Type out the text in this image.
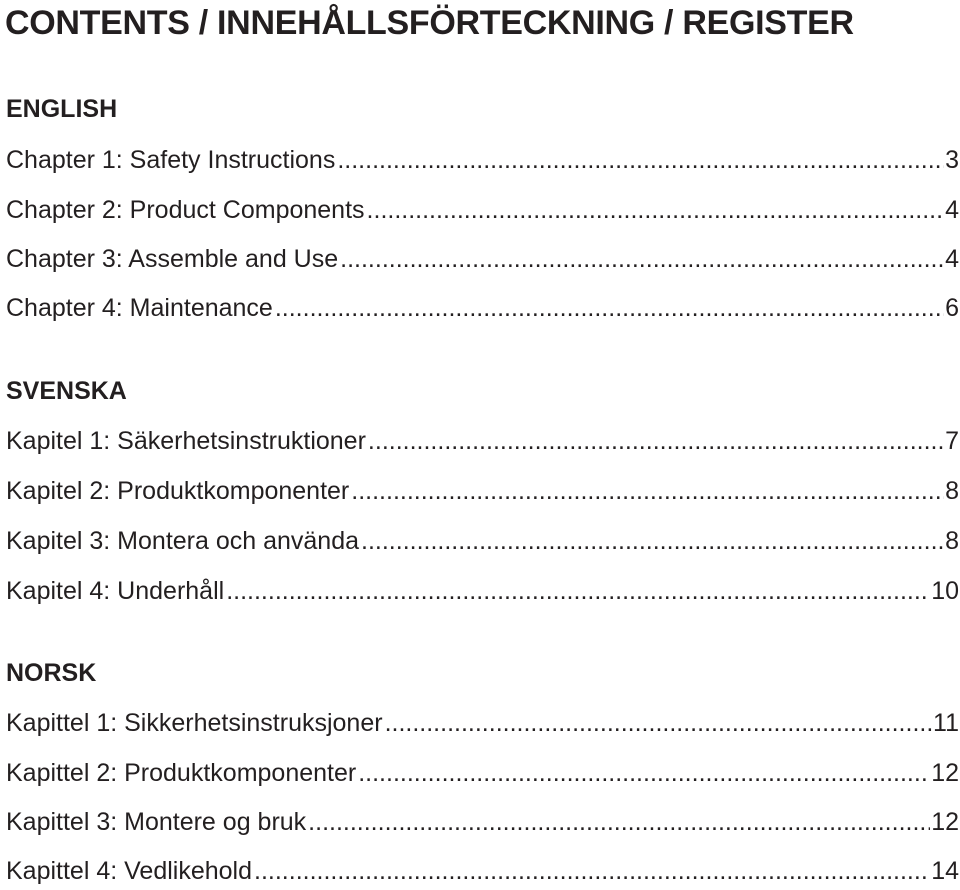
CONTENTS / INNEHÅLLSFÖRTECKNING / REGISTER
ENGLISH
Chapter 1: Safety Instructions .....	3
Chapter 2: Product Components .....	4
Chapter 3: Assemble and Use .....	4
Chapter 4: Maintenance .....	6
SVENSKA
Kapitel 1: Säkerhetsinstruktioner .....	7
Kapitel 2: Produktkomponenter .....	8
Kapitel 3: Montera och använda .....	8
Kapitel 4: Underhåll .....	10
NORSK
Kapittel 1: Sikkerhetsinstruksjoner .....	11
Kapittel 2: Produktkomponenter .....	12
Kapittel 3: Montere og bruk .....	12
Kapittel 4: Vedlikehold .....	14
